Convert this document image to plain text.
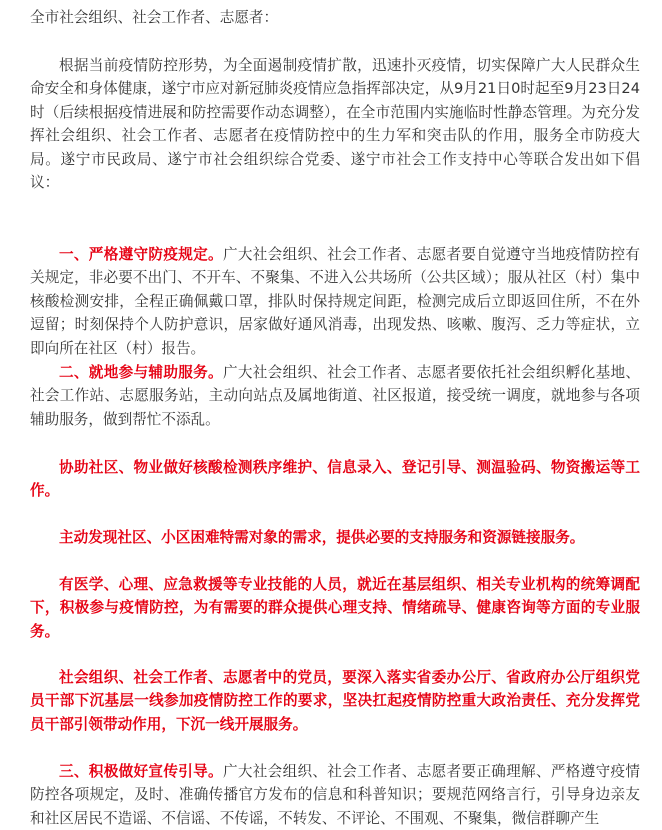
全市社会组织、社会工作者、志愿者：

根据当前疫情防控形势，为全面遏制疫情扩散，迅速扑灭疫情，切实保障广大人民群众生命安全和身体健康，遂宁市应对新冠肺炎疫情应急指挥部决定，从9月21日0时起至9月23日24时（后续根据疫情进展和防控需要作动态调整），在全市范围内实施临时性静态管理。为充分发挥社会组织、社会工作者、志愿者在疫情防控中的生力军和突击队的作用，服务全市防疫大局。遂宁市民政局、遂宁市社会组织综合党委、遂宁市社会工作支持中心等联合发出如下倡议：

一、严格遵守防疫规定。广大社会组织、社会工作者、志愿者要自觉遵守当地疫情防控有关规定，非必要不出门、不开车、不聚集、不进入公共场所（公共区域）；服从社区（村）集中核酸检测安排，全程正确佩戴口罩，排队时保持规定间距，检测完成后立即返回住所，不在外逗留；时刻保持个人防护意识，居家做好通风消毒，出现发热、咳嗽、腹泻、乏力等症状，立即向所在社区（村）报告。

二、就地参与辅助服务。广大社会组织、社会工作者、志愿者要依托社会组织孵化基地、社会工作站、志愿服务站，主动向站点及属地街道、社区报道，接受统一调度，就地参与各项辅助服务，做到帮忙不添乱。

协助社区、物业做好核酸检测秩序维护、信息录入、登记引导、测温验码、物资搬运等工作。

主动发现社区、小区困难特需对象的需求，提供必要的支持服务和资源链接服务。

有医学、心理、应急救援等专业技能的人员，就近在基层组织、相关专业机构的统筹调配下，积极参与疫情防控，为有需要的群众提供心理支持、情绪疏导、健康咨询等方面的专业服务。

社会组织、社会工作者、志愿者中的党员，要深入落实省委办公厅、省政府办公厅组织党员干部下沉基层一线参加疫情防控工作的要求，坚决扛起疫情防控重大政治责任、充分发挥党员干部引领带动作用，下沉一线开展服务。

三、积极做好宣传引导。广大社会组织、社会工作者、志愿者要正确理解、严格遵守疫情防控各项规定，及时、准确传播官方发布的信息和科普知识；要规范网络言行，引导身边亲友和社区居民不造谣、不信谣、不传谣，不转发、不评论、不围观、不聚集，微信群聊产生
